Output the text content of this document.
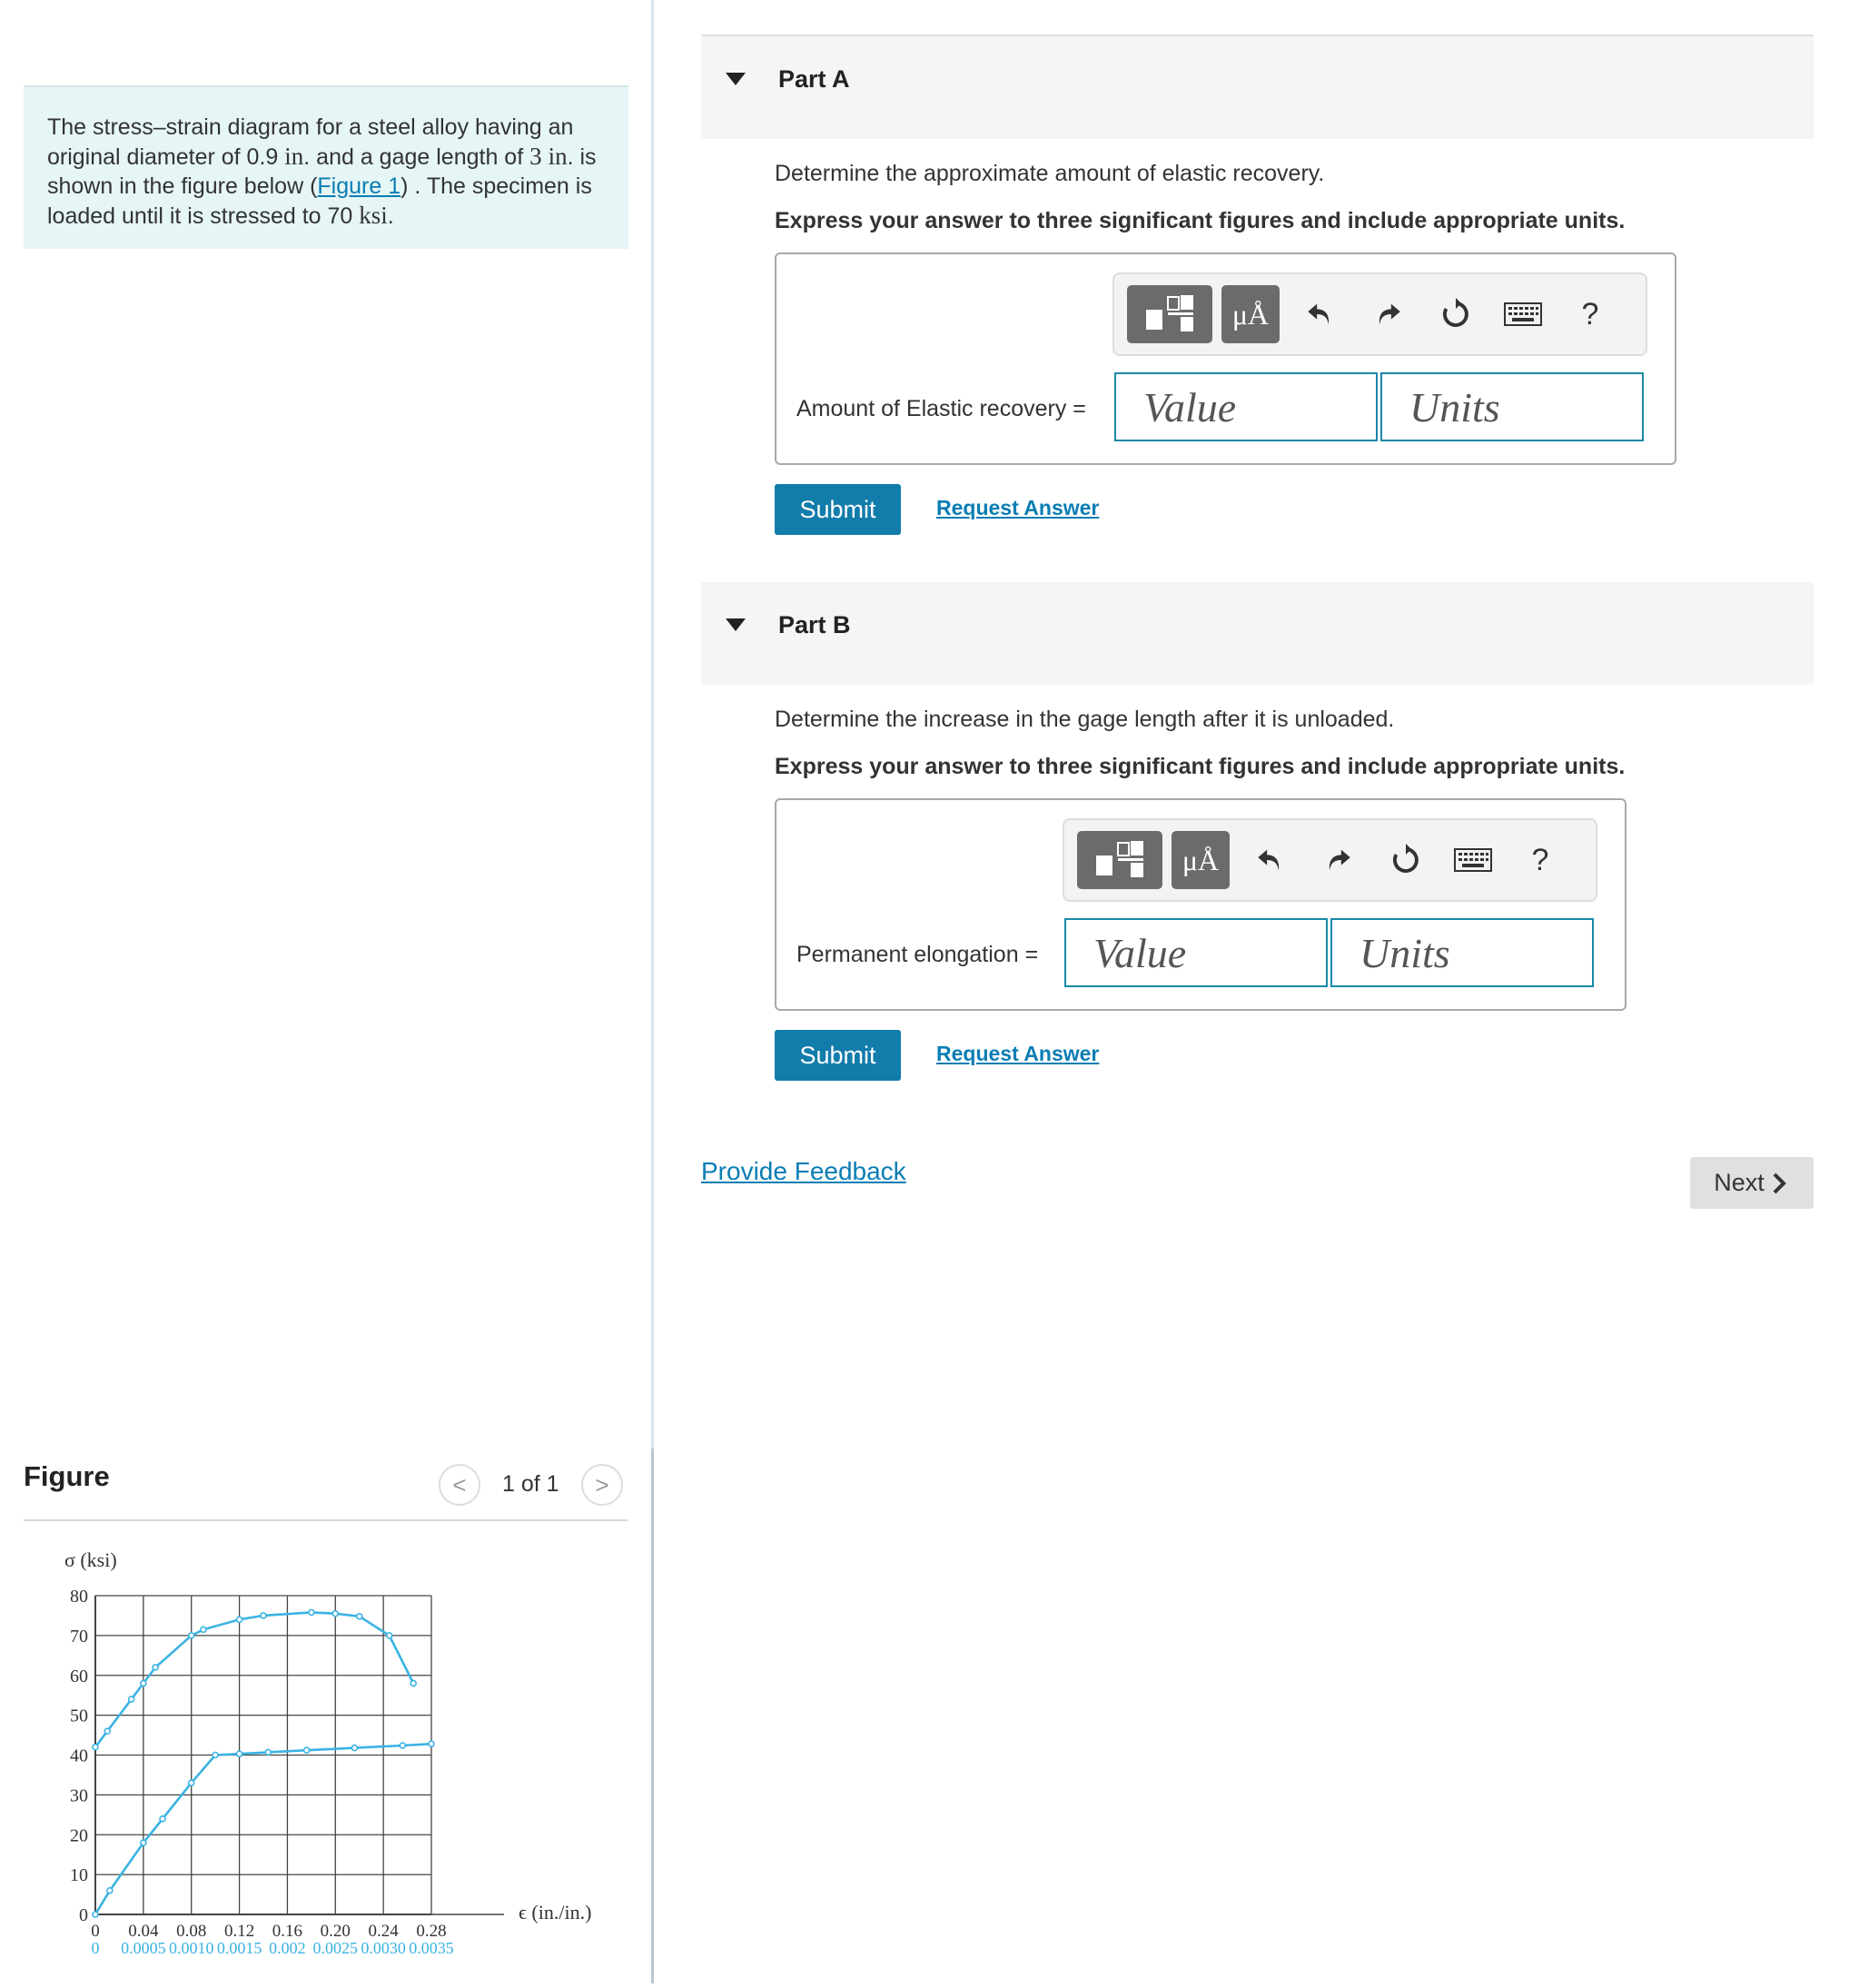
The stress–strain diagram for a steel alloy having an original diameter of 0.9 in. and a gage length of 3 in. is shown in the figure below (Figure 1) . The specimen is loaded until it is stressed to 70 ksi.
Figure	< 1 of 1 >
0
10
20
30
40
50
60
70
80
0 0.04 0.08 0.12 0.16 0.20 0.24 0.28
0 0.0005 0.0010 0.0015 0.002 0.0025 0.0030 0.0035
ϵ (in./in.)
σ (ksi)
Part A
Determine the approximate amount of elastic recovery.
Express your answer to three significant figures and include appropriate units.
μÅ	?
Amount of Elastic recovery =
Value
Units
Submit	Request Answer
Part B
Determine the increase in the gage length after it is unloaded.
Express your answer to three significant figures and include appropriate units.
μÅ	?
Permanent elongation =
Value
Units
Submit	Request Answer
Provide Feedback	Next
